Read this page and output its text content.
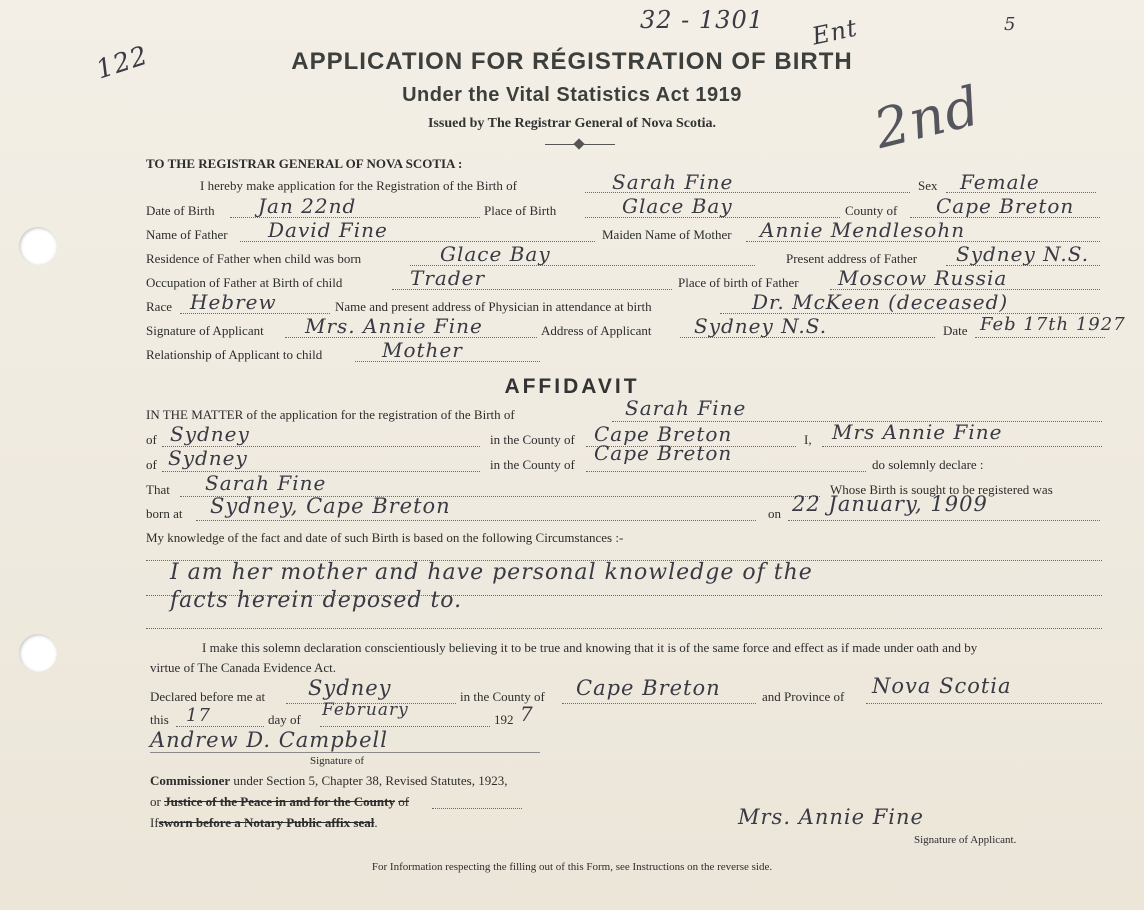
32 - 1301 Ent	5
122
2nd
APPLICATION FOR RÉGISTRATION OF BIRTH
Under the Vital Statistics Act 1919
Issued by The Registrar General of Nova Scotia.
TO THE REGISTRAR GENERAL OF NOVA SCOTIA :
I hereby make application for the Registration of the Birth of	Sarah Fine	Sex Female
Date of Birth Jan 22nd	Place of Birth	Glace Bay	County of Cape Breton
Name of Father David Fine	Maiden Name of Mother Annie Mendlesohn
Residence of Father when child was born	Glace Bay	Present address of Father Sydney N.S.
Occupation of Father at Birth of child	Trader	Place of birth of Father Moscow Russia
Race Hebrew	Name and present address of Physician in attendance at birth	Dr. McKeen (deceased)
Signature of Applicant Mrs. Annie Fine	Address of Applicant Sydney N.S.	Date Feb 17th 1927
Relationship of Applicant to child	Mother
AFFIDAVIT
IN THE MATTER of the application for the registration of the Birth of	Sarah Fine
of Sydney	in the County of Cape Breton	I, Mrs Annie Fine
of Sydney	in the County of Cape Breton	do solemnly declare :
That Sarah Fine	Whose Birth is sought to be registered was
born at Sydney, Cape Breton	on 22 January, 1909
My knowledge of the fact and date of such Birth is based on the following Circumstances :-
I am her mother and have personal knowledge of the
facts herein deposed to.
I make this solemn declaration conscientiously believing it to be true and knowing that it is of the same force and effect as if made under oath and by
virtue of The Canada Evidence Act.
Declared before me at Sydney	in the County of Cape Breton	and Province of Nova Scotia
this 17	day of February	192 7
Andrew D. Campbell
Signature of
Commissioner under Section 5, Chapter 38, Revised Statutes, 1923,
or Justice of the Peace in and for the County of
Ifsworn before a Notary Public affix seal.	Mrs. Annie Fine
Signature of Applicant.
For Information respecting the filling out of this Form, see Instructions on the reverse side.
